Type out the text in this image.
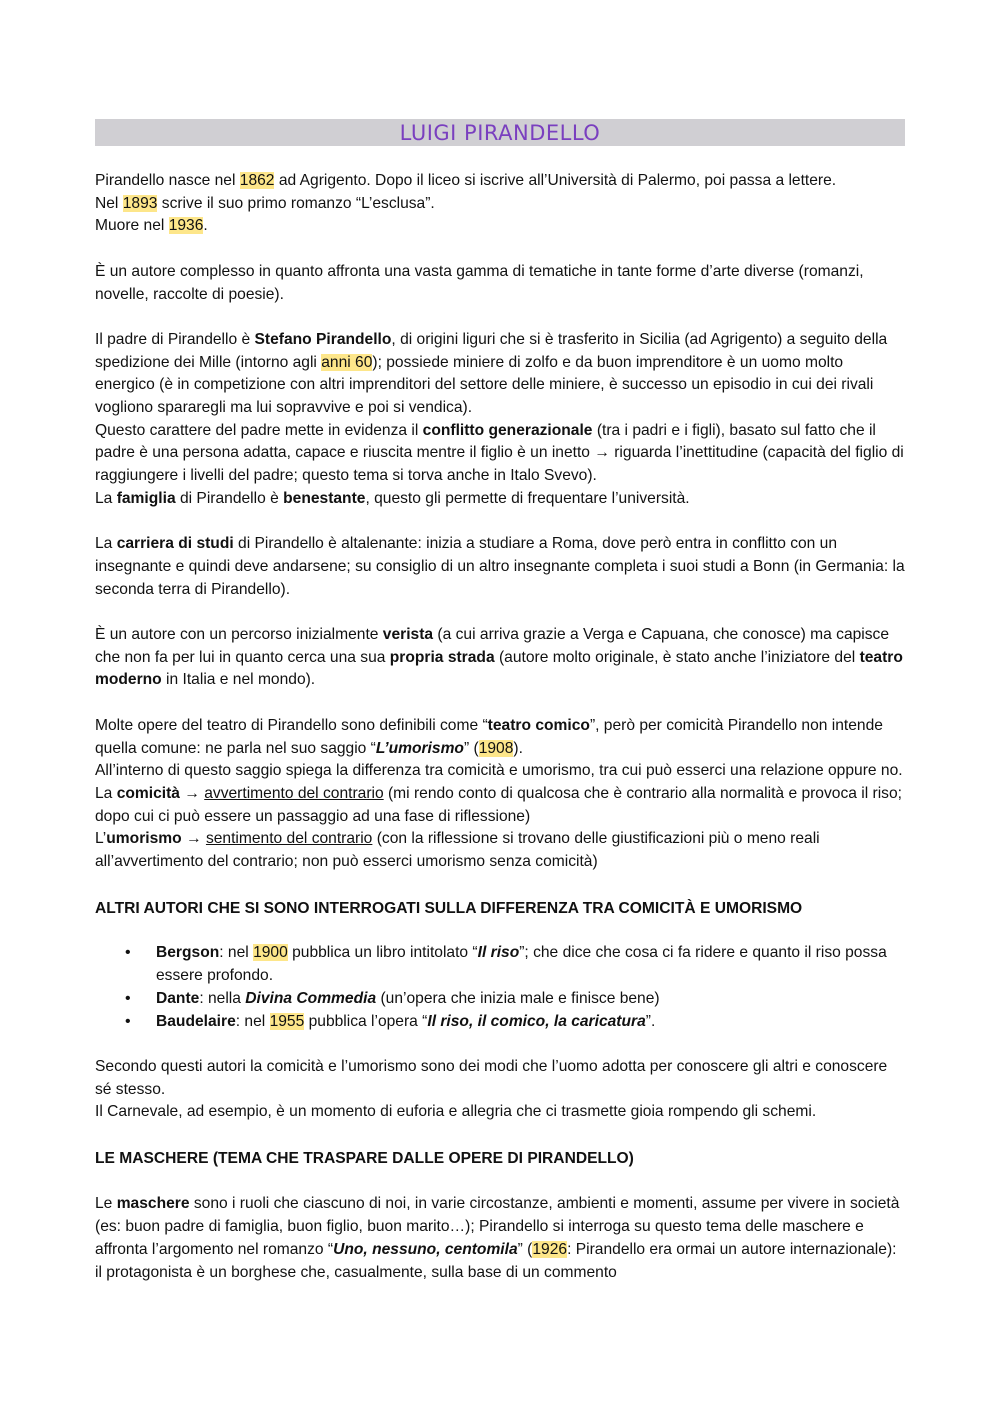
LUIGI PIRANDELLO

Pirandello nasce nel 1862 ad Agrigento. Dopo il liceo si iscrive all’Università di Palermo, poi passa a lettere.

Nel 1893 scrive il suo primo romanzo “L’esclusa”.

Muore nel 1936.

È un autore complesso in quanto affronta una vasta gamma di tematiche in tante forme d’arte diverse (romanzi, novelle, raccolte di poesie).

Il padre di Pirandello è Stefano Pirandello, di origini liguri che si è trasferito in Sicilia (ad Agrigento) a seguito della spedizione dei Mille (intorno agli anni 60); possiede miniere di zolfo e da buon imprenditore è un uomo molto energico (è in competizione con altri imprenditori del settore delle miniere, è successo un episodio in cui dei rivali vogliono spararegli ma lui sopravvive e poi si vendica).

Questo carattere del padre mette in evidenza il conflitto generazionale (tra i padri e i figli), basato sul fatto che il padre è una persona adatta, capace e riuscita mentre il figlio è un inetto → riguarda l’inettitudine (capacità del figlio di raggiungere i livelli del padre; questo tema si torva anche in Italo Svevo).

La famiglia di Pirandello è benestante, questo gli permette di frequentare l’università.

La carriera di studi di Pirandello è altalenante: inizia a studiare a Roma, dove però entra in conflitto con un insegnante e quindi deve andarsene; su consiglio di un altro insegnante completa i suoi studi a Bonn (in Germania: la seconda terra di Pirandello).

È un autore con un percorso inizialmente verista (a cui arriva grazie a Verga e Capuana, che conosce) ma capisce che non fa per lui in quanto cerca una sua propria strada (autore molto originale, è stato anche l’iniziatore del teatro moderno in Italia e nel mondo).

Molte opere del teatro di Pirandello sono definibili come “teatro comico”, però per comicità Pirandello non intende quella comune: ne parla nel suo saggio “L’umorismo” (1908).

All’interno di questo saggio spiega la differenza tra comicità e umorismo, tra cui può esserci una relazione oppure no.

La comicità → avvertimento del contrario (mi rendo conto di qualcosa che è contrario alla normalità e provoca il riso; dopo cui ci può essere un passaggio ad una fase di riflessione)

L’umorismo → sentimento del contrario (con la riflessione si trovano delle giustificazioni più o meno reali all’avvertimento del contrario; non può esserci umorismo senza comicità)

ALTRI AUTORI CHE SI SONO INTERROGATI SULLA DIFFERENZA TRA COMICITÀ E UMORISMO
• Bergson: nel 1900 pubblica un libro intitolato “Il riso”; che dice che cosa ci fa ridere e quanto il riso possa essere profondo.
• Dante: nella Divina Commedia (un’opera che inizia male e finisce bene)
• Baudelaire: nel 1955 pubblica l’opera “Il riso, il comico, la caricatura”.

Secondo questi autori la comicità e l’umorismo sono dei modi che l’uomo adotta per conoscere gli altri e conoscere sé stesso.

Il Carnevale, ad esempio, è un momento di euforia e allegria che ci trasmette gioia rompendo gli schemi.

LE MASCHERE (TEMA CHE TRASPARE DALLE OPERE DI PIRANDELLO)

Le maschere sono i ruoli che ciascuno di noi, in varie circostanze, ambienti e momenti, assume per vivere in società (es: buon padre di famiglia, buon figlio, buon marito…); Pirandello si interroga su questo tema delle maschere e affronta l’argomento nel romanzo “Uno, nessuno, centomila” (1926: Pirandello era ormai un autore internazionale): il protagonista è un borghese che, casualmente, sulla base di un commento
